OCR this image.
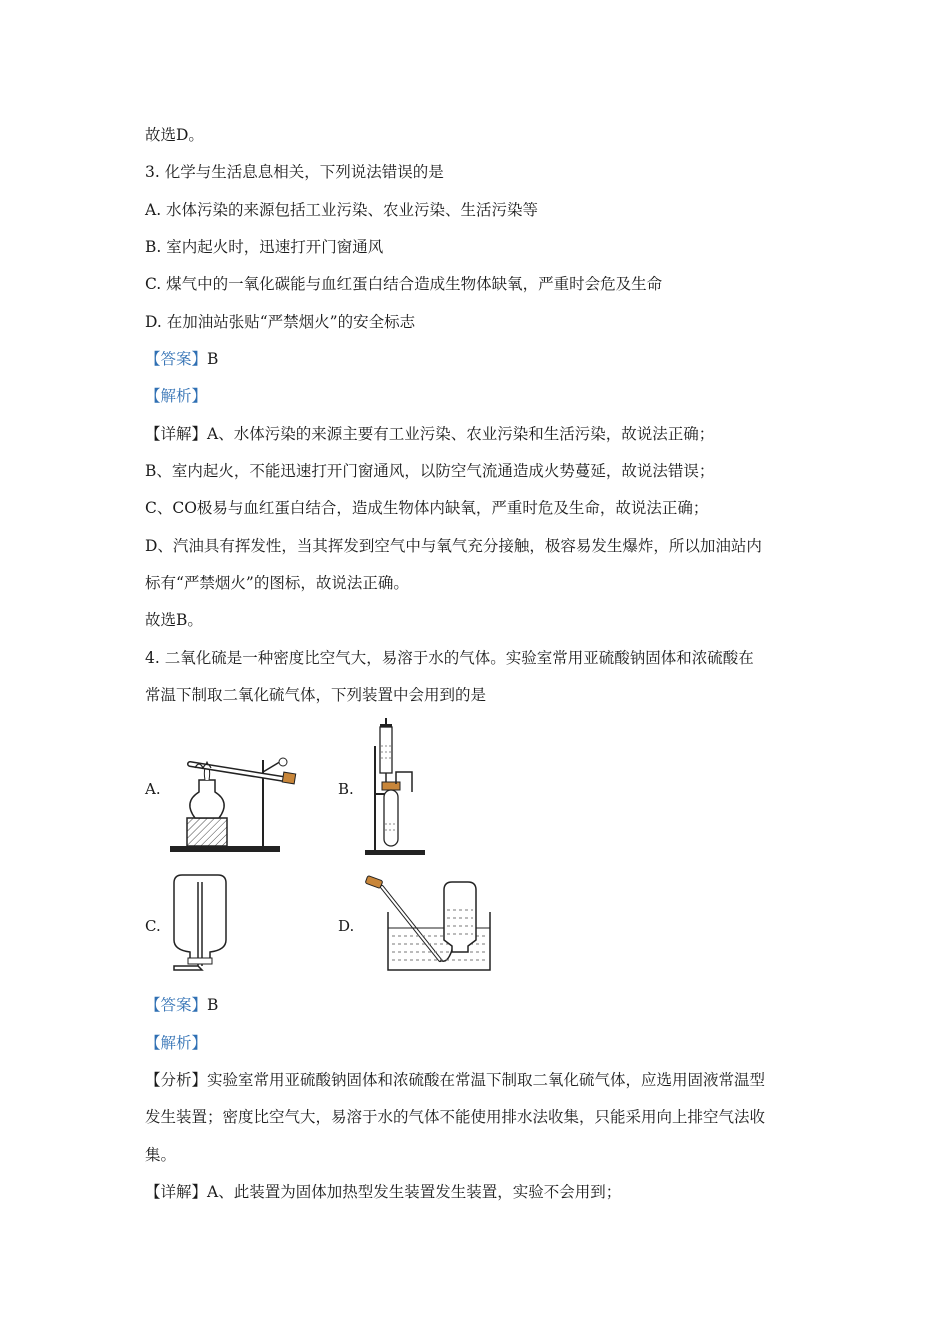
故选D。
3. 化学与生活息息相关，下列说法错误的是
A. 水体污染的来源包括工业污染、农业污染、生活污染等
B. 室内起火时，迅速打开门窗通风
C. 煤气中的一氧化碳能与血红蛋白结合造成生物体缺氧，严重时会危及生命
D. 在加油站张贴“严禁烟火”的安全标志
【答案】B
【解析】
【详解】A、水体污染的来源主要有工业污染、农业污染和生活污染，故说法正确；
B、室内起火，不能迅速打开门窗通风，以防空气流通造成火势蔓延，故说法错误；
C、CO极易与血红蛋白结合，造成生物体内缺氧，严重时危及生命，故说法正确；
D、汽油具有挥发性，当其挥发到空气中与氧气充分接触，极容易发生爆炸，所以加油站内
标有“严禁烟火”的图标，故说法正确。
故选B。
4. 二氧化硫是一种密度比空气大，易溶于水的气体。实验室常用亚硫酸钠固体和浓硫酸在
常温下制取二氧化硫气体，下列装置中会用到的是
A.	B.
C.	D.
【答案】B
【解析】
【分析】实验室常用亚硫酸钠固体和浓硫酸在常温下制取二氧化硫气体，应选用固液常温型
发生装置；密度比空气大，易溶于水的气体不能使用排水法收集，只能采用向上排空气法收
集。
【详解】A、此装置为固体加热型发生装置发生装置，实验不会用到；
